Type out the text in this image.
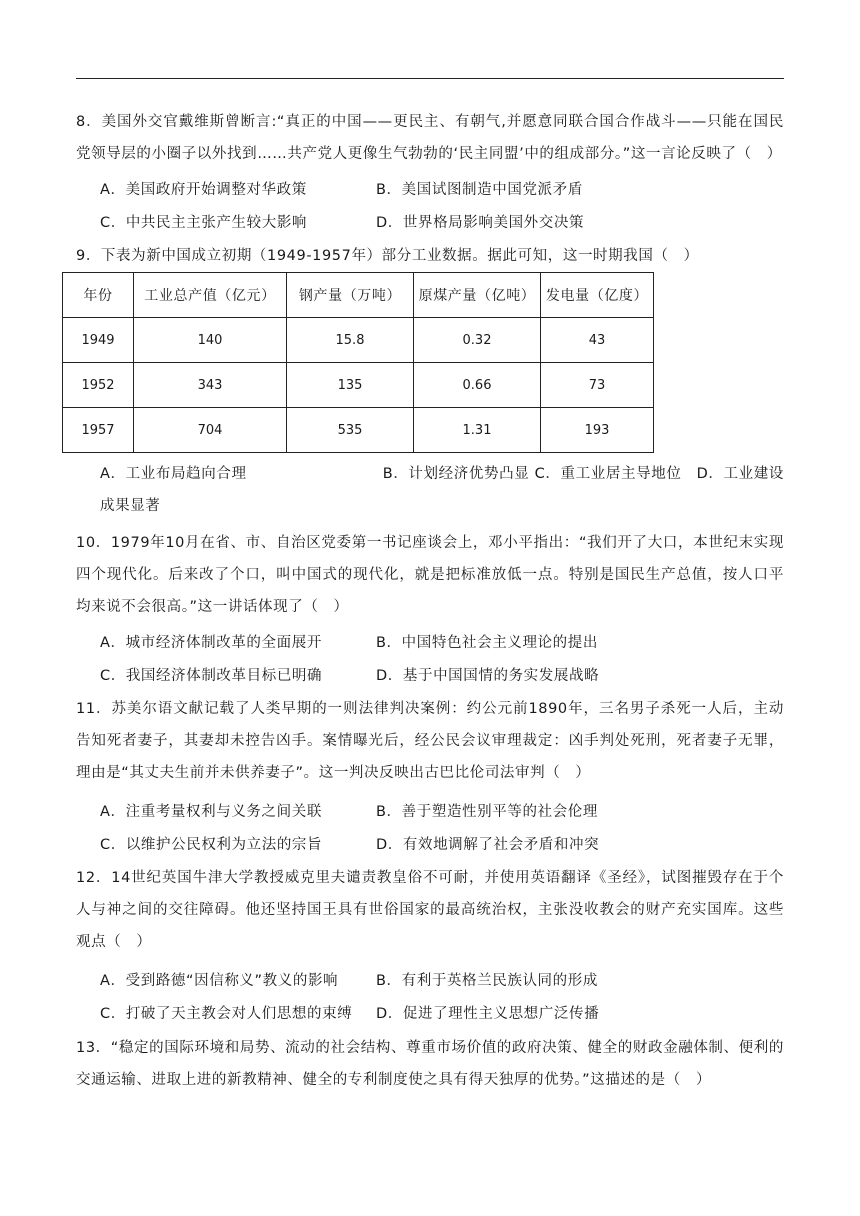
8．美国外交官戴维斯曾断言:“真正的中国——更民主、有朝气,并愿意同联合国合作战斗——只能在国民党领导层的小圈子以外找到……共产党人更像生气勃勃的‘民主同盟’中的组成部分。”这一言论反映了（　）
A．美国政府开始调整对华政策	B．美国试图制造中国党派矛盾
C．中共民主主张产生较大影响	D．世界格局影响美国外交决策
9．下表为新中国成立初期（1949-1957年）部分工业数据。据此可知，这一时期我国（　）
年份	工业总产值（亿元）	钢产量（万吨）	原煤产量（亿吨）	发电量（亿度）
1949	140	15.8	0.32	43
1952	343	135	0.66	73
1957	704	535	1.31	193
A．工业布局趋向合理　　　　　　　　　B．计划经济优势凸显 C．重工业居主导地位　D．工业建设成果显著
10．1979年10月在省、市、自治区党委第一书记座谈会上，邓小平指出：“我们开了大口，本世纪末实现四个现代化。后来改了个口，叫中国式的现代化，就是把标准放低一点。特别是国民生产总值，按人口平均来说不会很高。”这一讲话体现了（　）
A．城市经济体制改革的全面展开	B．中国特色社会主义理论的提出
C．我国经济体制改革目标已明确	D．基于中国国情的务实发展战略
11．苏美尔语文献记载了人类早期的一则法律判决案例：约公元前1890年，三名男子杀死一人后，主动告知死者妻子，其妻却未控告凶手。案情曝光后，经公民会议审理裁定：凶手判处死刑，死者妻子无罪，理由是“其丈夫生前并未供养妻子”。这一判决反映出古巴比伦司法审判（　）
A．注重考量权利与义务之间关联	B．善于塑造性别平等的社会伦理
C．以维护公民权利为立法的宗旨	D．有效地调解了社会矛盾和冲突
12．14世纪英国牛津大学教授威克里夫谴责教皇俗不可耐，并使用英语翻译《圣经》，试图摧毁存在于个人与神之间的交往障碍。他还坚持国王具有世俗国家的最高统治权，主张没收教会的财产充实国库。这些观点（　）
A．受到路德“因信称义”教义的影响	B．有利于英格兰民族认同的形成
C．打破了天主教会对人们思想的束缚 D．促进了理性主义思想广泛传播
13．“稳定的国际环境和局势、流动的社会结构、尊重市场价值的政府决策、健全的财政金融体制、便利的交通运输、进取上进的新教精神、健全的专利制度使之具有得天独厚的优势。”这描述的是（　）
